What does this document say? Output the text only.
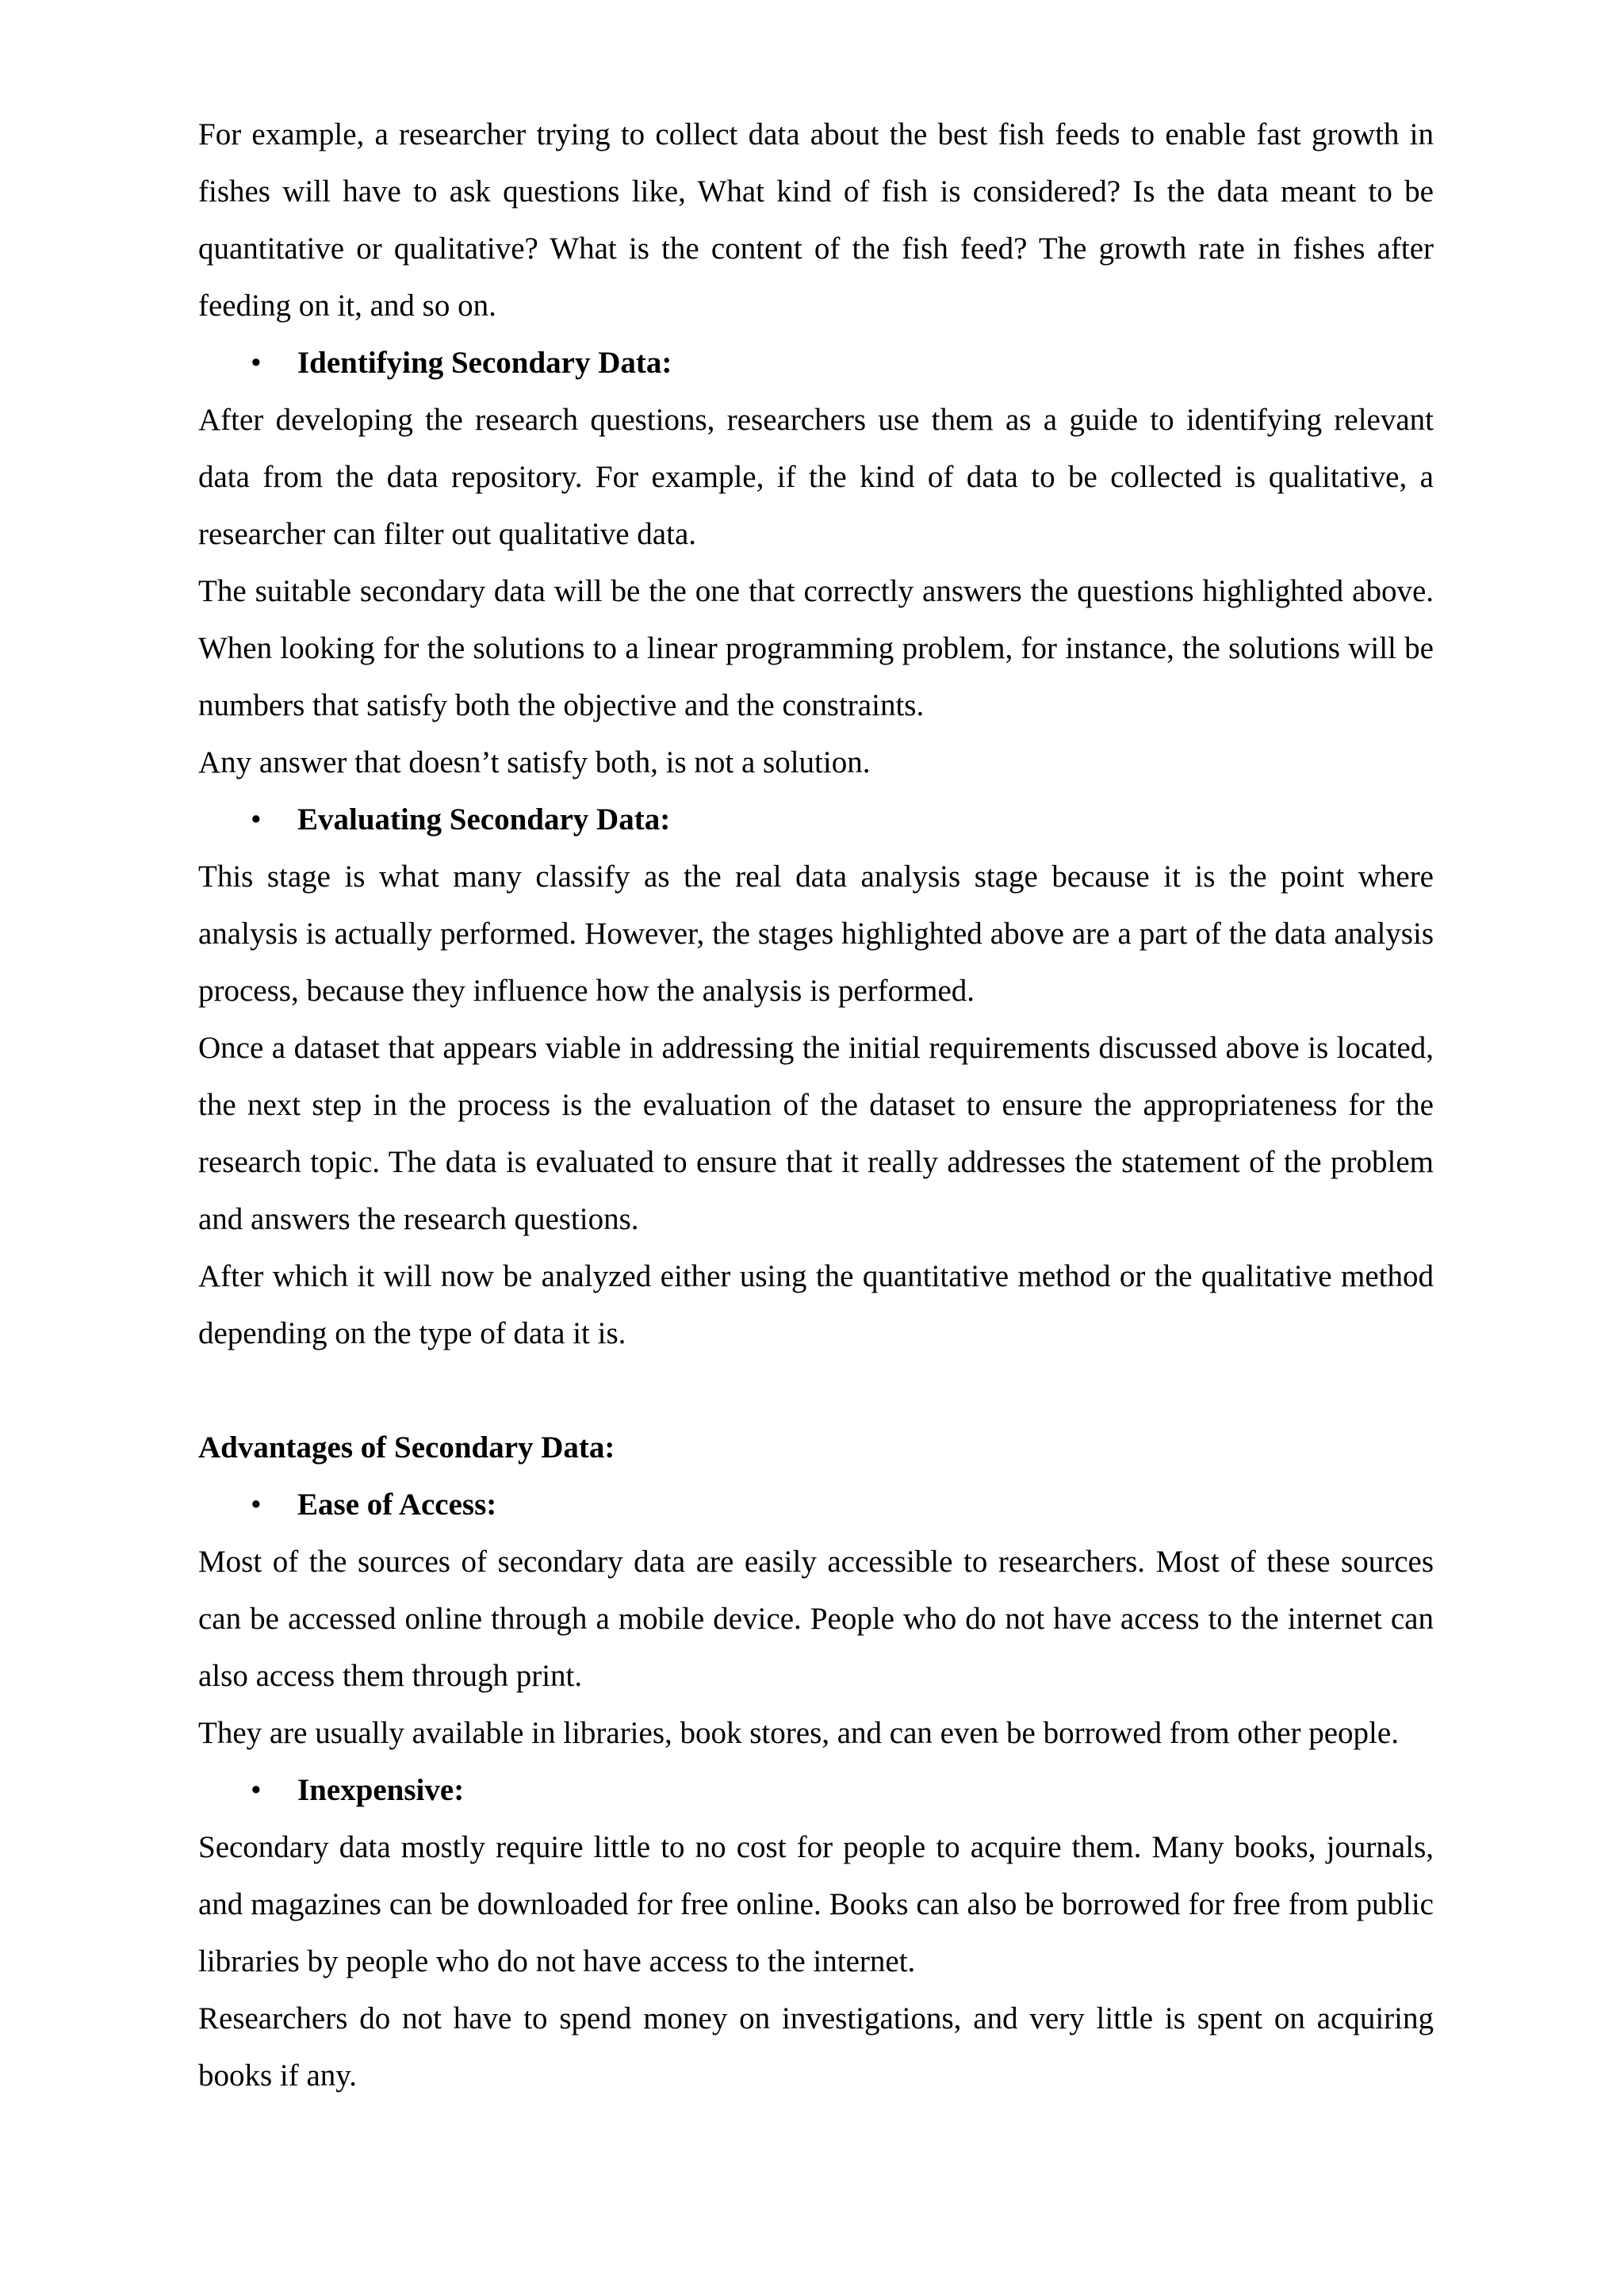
For example, a researcher trying to collect data about the best fish feeds to enable fast growth in fishes will have to ask questions like, What kind of fish is considered? Is the data meant to be quantitative or qualitative? What is the content of the fish feed? The growth rate in fishes after feeding on it, and so on.

• Identifying Secondary Data:

After developing the research questions, researchers use them as a guide to identifying relevant data from the data repository. For example, if the kind of data to be collected is qualitative, a researcher can filter out qualitative data.

The suitable secondary data will be the one that correctly answers the questions highlighted above. When looking for the solutions to a linear programming problem, for instance, the solutions will be numbers that satisfy both the objective and the constraints.

Any answer that doesn’t satisfy both, is not a solution.

• Evaluating Secondary Data:

This stage is what many classify as the real data analysis stage because it is the point where analysis is actually performed. However, the stages highlighted above are a part of the data analysis process, because they influence how the analysis is performed.

Once a dataset that appears viable in addressing the initial requirements discussed above is located, the next step in the process is the evaluation of the dataset to ensure the appropriateness for the research topic. The data is evaluated to ensure that it really addresses the statement of the problem and answers the research questions.

After which it will now be analyzed either using the quantitative method or the qualitative method depending on the type of data it is.

Advantages of Secondary Data:

• Ease of Access:

Most of the sources of secondary data are easily accessible to researchers. Most of these sources can be accessed online through a mobile device. People who do not have access to the internet can also access them through print.

They are usually available in libraries, book stores, and can even be borrowed from other people.

• Inexpensive:

Secondary data mostly require little to no cost for people to acquire them. Many books, journals, and magazines can be downloaded for free online. Books can also be borrowed for free from public libraries by people who do not have access to the internet.

Researchers do not have to spend money on investigations, and very little is spent on acquiring books if any.
